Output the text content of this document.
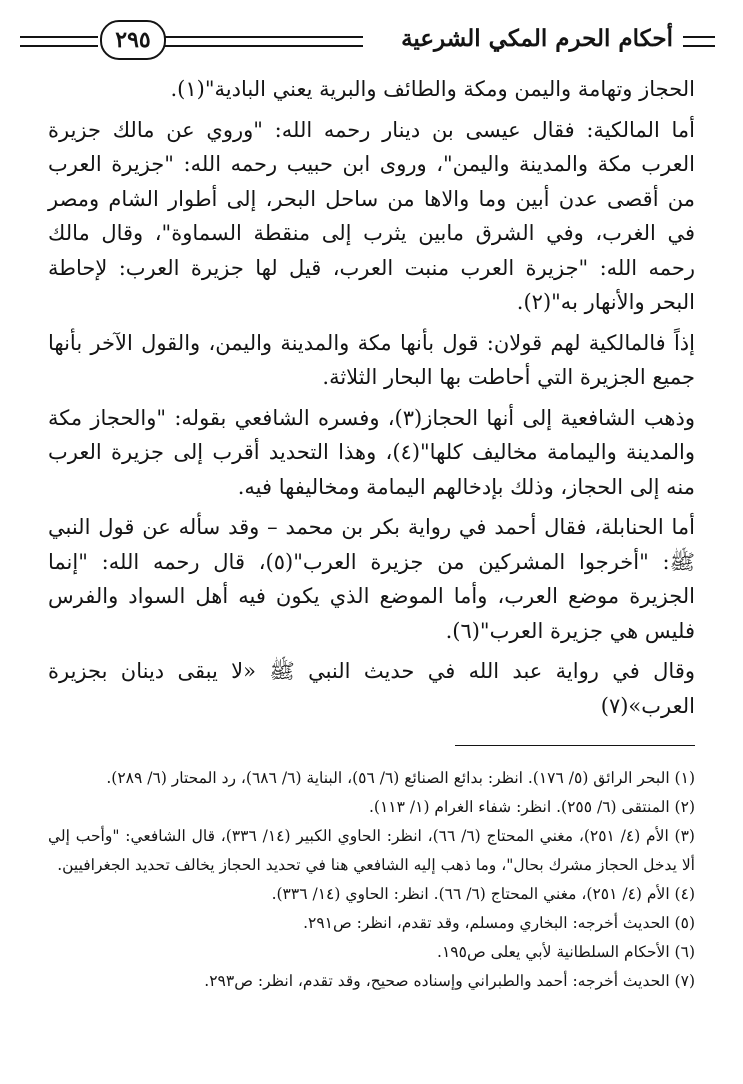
أحكام الحرم المكي الشرعية
٢٩٥

الحجاز وتهامة واليمن ومكة والطائف والبرية يعني البادية"(١).

أما المالكية: فقال عيسى بن دينار رحمه الله: "وروي عن مالك جزيرة العرب مكة والمدينة واليمن"، وروى ابن حبيب رحمه الله: "جزيرة العرب من أقصى عدن أبين وما والاها من ساحل البحر، إلى أطوار الشام ومصر في الغرب، وفي الشرق مابين يثرب إلى منقطة السماوة"، وقال مالك رحمه الله: "جزيرة العرب منبت العرب، قيل لها جزيرة العرب: لإحاطة البحر والأنهار به"(٢).

إذاً فالمالكية لهم قولان: قول بأنها مكة والمدينة واليمن، والقول الآخر بأنها جميع الجزيرة التي أحاطت بها البحار الثلاثة.

وذهب الشافعية إلى أنها الحجاز(٣)، وفسره الشافعي بقوله: "والحجاز مكة والمدينة واليمامة مخاليف كلها"(٤)، وهذا التحديد أقرب إلى جزيرة العرب منه إلى الحجاز، وذلك بإدخالهم اليمامة ومخاليفها فيه.

أما الحنابلة، فقال أحمد في رواية بكر بن محمد – وقد سأله عن قول النبي ﷺ: "أخرجوا المشركين من جزيرة العرب"(٥)، قال رحمه الله: "إنما الجزيرة موضع العرب، وأما الموضع الذي يكون فيه أهل السواد والفرس فليس هي جزيرة العرب"(٦).

وقال في رواية عبد الله في حديث النبي ﷺ «لا يبقى دينان بجزيرة العرب»(٧)

(١) البحر الرائق (٥/ ١٧٦). انظر: بدائع الصنائع (٦/ ٥٦)، البناية (٦/ ٦٨٦)، رد المحتار (٦/ ٢٨٩).

(٢) المنتقى (٦/ ٢٥٥). انظر: شفاء الغرام (١/ ١١٣).

(٣) الأم (٤/ ٢٥١)، مغني المحتاج (٦/ ٦٦)، انظر: الحاوي الكبير (١٤/ ٣٣٦)، قال الشافعي: "وأحب إلي ألا يدخل الحجاز مشرك بحال"، وما ذهب إليه الشافعي هنا في تحديد الحجاز يخالف تحديد الجغرافيين.

(٤) الأم (٤/ ٢٥١)، مغني المحتاج (٦/ ٦٦). انظر: الحاوي (١٤/ ٣٣٦).

(٥) الحديث أخرجه: البخاري ومسلم، وقد تقدم، انظر: ص٢٩١.

(٦) الأحكام السلطانية لأبي يعلى ص١٩٥.

(٧) الحديث أخرجه: أحمد والطبراني وإسناده صحيح، وقد تقدم، انظر: ص٢٩٣.
